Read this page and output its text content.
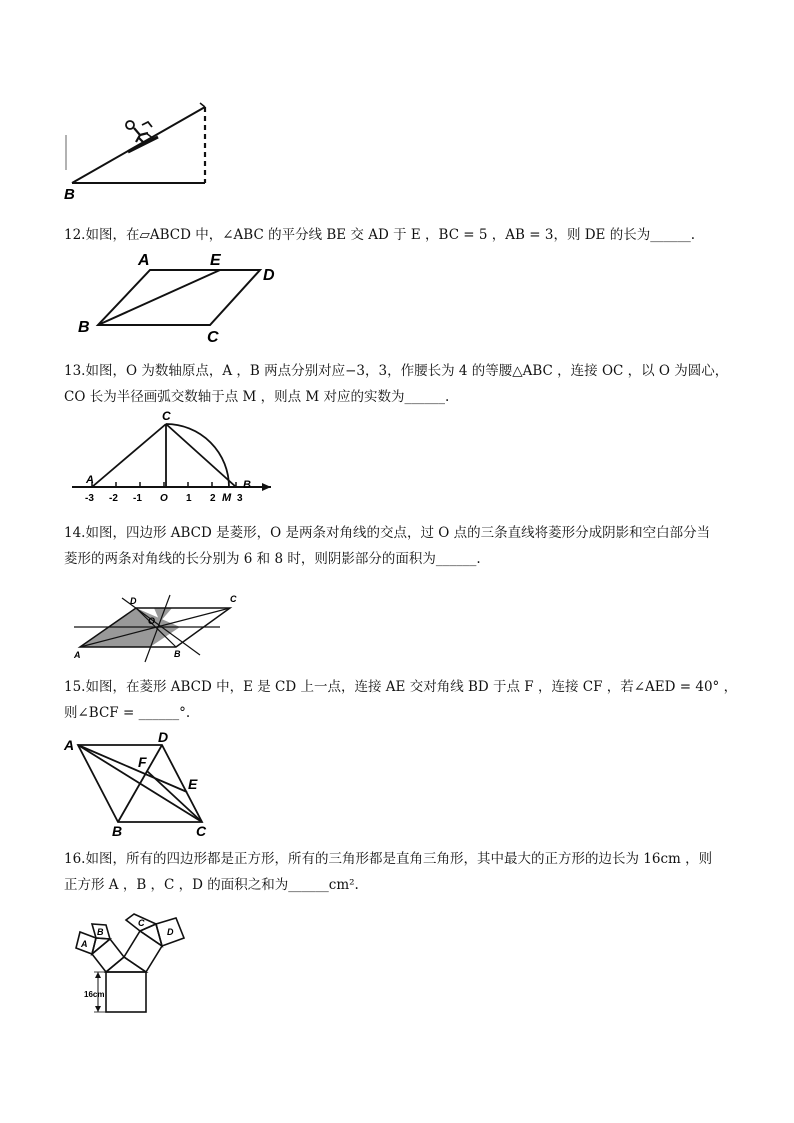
B
12.如图，在▱ABCD 中，∠ABC 的平分线 BE 交 AD 于 E ，BC = 5 ，AB = 3，则 DE 的长为______.
A	E
D
B
C
13.如图，O 为数轴原点，A ，B 两点分别对应−3，3，作腰长为 4 的等腰△ABC ，连接 OC ，以 O 为圆心，
CO 长为半径画弧交数轴于点 M ，则点 M 对应的实数为______.
C
A	B
M
-3 -2 -1 O 1 2 3
14.如图，四边形 ABCD 是菱形，O 是两条对角线的交点，过 O 点的三条直线将菱形分成阴影和空白部分当
菱形的两条对角线的长分别为 6 和 8 时，则阴影部分的面积为______.
D	C
O
A	B
15.如图，在菱形 ABCD 中，E 是 CD 上一点，连接 AE 交对角线 BD 于点 F ，连接 CF ，若∠AED = 40° ，
则∠BCF = ______°.
A	D
F
E
B	C
16.如图，所有的四边形都是正方形，所有的三角形都是直角三角形，其中最大的正方形的边长为 16cm ，则
正方形 A ，B ，C ，D 的面积之和为______cm².
16cm
A
B
C
D
